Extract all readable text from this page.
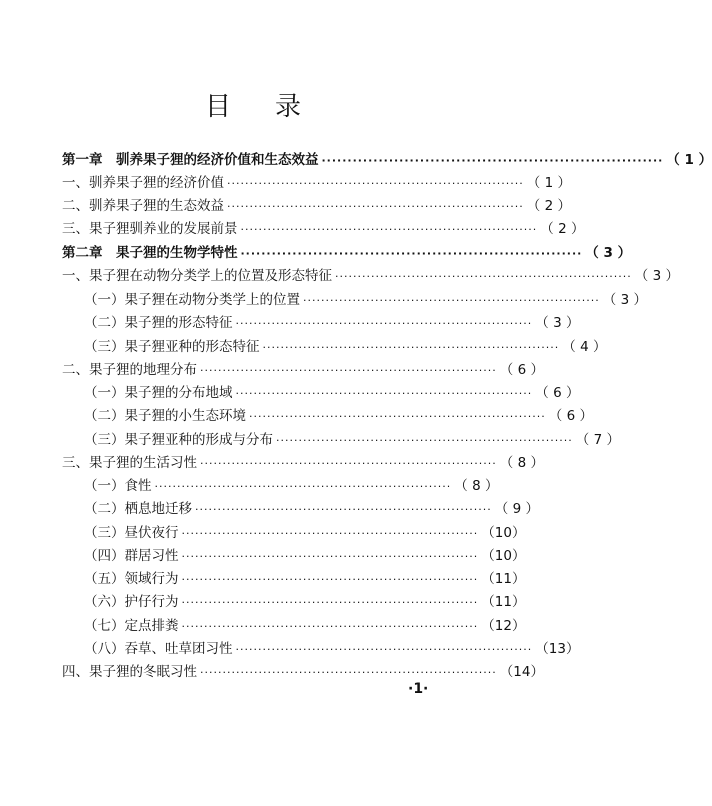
目 录
第一章　驯养果子狸的经济价值和生态效益 ·································································· （ 1 ）
一、驯养果子狸的经济价值 ·································································· （ 1 ）
二、驯养果子狸的生态效益 ·································································· （ 2 ）
三、果子狸驯养业的发展前景 ·································································· （ 2 ）
第二章　果子狸的生物学特性 ·································································· （ 3 ）
一、果子狸在动物分类学上的位置及形态特征 ·································································· （ 3 ）
（一）果子狸在动物分类学上的位置 ·································································· （ 3 ）
（二）果子狸的形态特征 ·································································· （ 3 ）
（三）果子狸亚种的形态特征 ·································································· （ 4 ）
二、果子狸的地理分布 ·································································· （ 6 ）
（一）果子狸的分布地域 ·································································· （ 6 ）
（二）果子狸的小生态环境 ·································································· （ 6 ）
（三）果子狸亚种的形成与分布 ·································································· （ 7 ）
三、果子狸的生活习性 ·································································· （ 8 ）
（一）食性 ·································································· （ 8 ）
（二）栖息地迁移 ·································································· （ 9 ）
（三）昼伏夜行 ·································································· （10）
（四）群居习性 ·································································· （10）
（五）领域行为 ·································································· （11）
（六）护仔行为 ·································································· （11）
（七）定点排粪 ·································································· （12）
（八）吞草、吐草团习性 ·································································· （13）
四、果子狸的冬眠习性 ·································································· （14）
·1·
